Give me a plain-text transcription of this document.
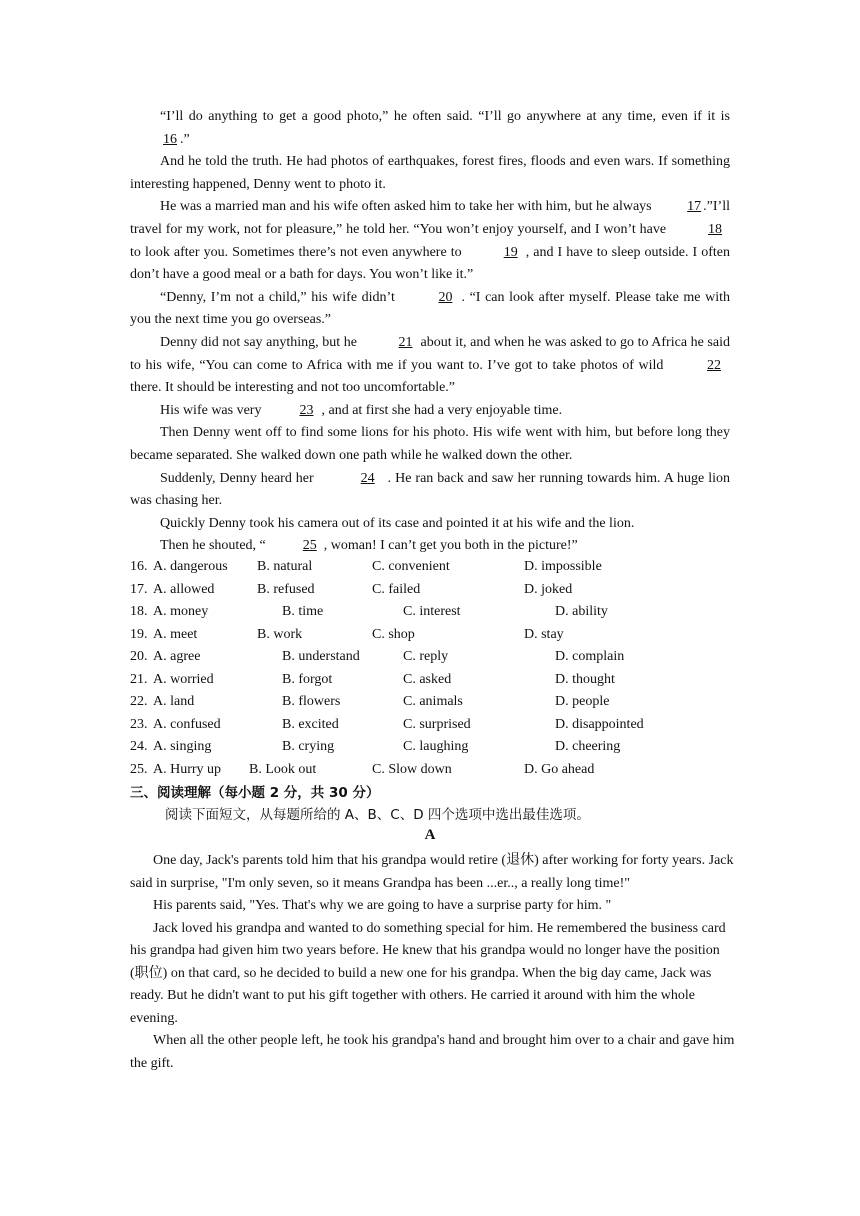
“I’ll do anything to get a good photo,” he often said. “I’ll go anywhere at any time, even if it is 16 .”

And he told the truth. He had photos of earthquakes, forest fires, floods and even wars. If something interesting happened, Denny went to photo it.

He was a married man and his wife often asked him to take her with him, but he always 17 .”I’ll travel for my work, not for pleasure,” he told her. “You won’t enjoy yourself, and I won’t have	18to look after you. Sometimes there’s not even anywhere to	19 , and I have to sleep outside. I often don’t have a good meal or a bath for days. You won’t like it.”

“Denny, I’m not a child,” his wife didn’t	20 . “I can look after myself. Please take me with you the next time you go overseas.”

Denny did not say anything, but he	21 about it, and when he was asked to go to Africa he said to his wife, “You can come to Africa with me if you want to. I’ve got to take photos of wild	22there. It should be interesting and not too uncomfortable.”

His wife was very	23 , and at first she had a very enjoyable time.

Then Denny went off to find some lions for his photo. His wife went with him, but before long they became separated. She walked down one path while he walked down the other.

Suddenly, Denny heard her	24 . He ran back and saw her running towards him. A huge lion was chasing her.

Quickly Denny took his camera out of its case and pointed it at his wife and the lion.

Then he shouted, “	25 , woman! I can’t get you both in the picture!”

16. A. dangerous B. natural	C. convenient	D. impossible
17. A. allowed	B. refused	C. failed	D. joked
18. A. money	B. time	C. interest	D. ability
19. A. meet	B. work	C. shop	D. stay
20. A. agree	B. understand	C. reply	D. complain
21. A. worried	B. forgot	C. asked	D. thought
22. A. land	B. flowers	C. animals	D. people
23. A. confused	B. excited	C. surprised	D. disappointed
24. A. singing	B. crying	C. laughing	D. cheering
25. A. Hurry up B. Look out	C. Slow down	D. Go ahead
三、阅读理解（每小题 2 分，共 30 分）
阅读下面短文，从每题所给的 A、B、C、D 四个选项中选出最佳选项。
A

One day, Jack's parents told him that his grandpa would retire (退休) after working for forty years. Jack said in surprise, "I'm only seven, so it means Grandpa has been ...er.., a really long time!"

His parents said, "Yes. That's why we are going to have a surprise party for him. "

Jack loved his grandpa and wanted to do something special for him. He remembered the business card his grandpa had given him two years before. He knew that his grandpa would no longer have the position (职位) on that card, so he decided to build a new one for his grandpa. When the big day came, Jack was ready. But he didn't want to put his gift together with others. He carried it around with him the whole evening.

When all the other people left, he took his grandpa's hand and brought him over to a chair and gave him the gift.
